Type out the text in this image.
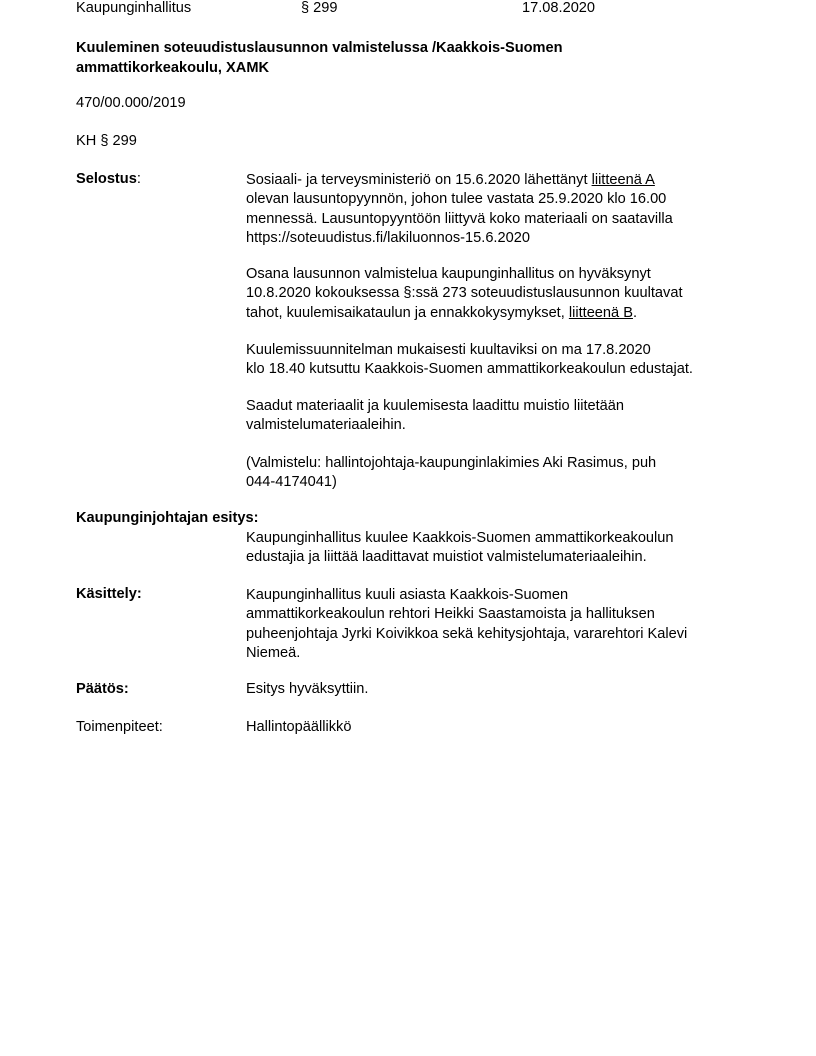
Kaupunginhallitus	§ 299	17.08.2020
Kuuleminen soteuudistuslausunnon valmistelussa /Kaakkois-Suomen
ammattikorkeakoulu, XAMK
470/00.000/2019
KH § 299
Selostus:	Sosiaali- ja terveysministeriö on 15.6.2020 lähettänyt liitteenä A
olevan lausuntopyynnön, johon tulee vastata 25.9.2020 klo 16.00
mennessä. Lausuntopyyntöön liittyvä koko materiaali on saatavilla
https://soteuudistus.fi/lakiluonnos-15.6.2020
Osana lausunnon valmistelua kaupunginhallitus on hyväksynyt
10.8.2020 kokouksessa §:ssä 273 soteuudistuslausunnon kuultavat
tahot, kuulemisaikataulun ja ennakkokysymykset, liitteenä B.
Kuulemissuunnitelman mukaisesti kuultaviksi on ma 17.8.2020
klo 18.40 kutsuttu Kaakkois-Suomen ammattikorkeakoulun edustajat.
Saadut materiaalit ja kuulemisesta laadittu muistio liitetään
valmistelumateriaaleihin.
(Valmistelu: hallintojohtaja-kaupunginlakimies Aki Rasimus, puh
044-4174041)
Kaupunginjohtajan esitys:
Kaupunginhallitus kuulee Kaakkois-Suomen ammattikorkeakoulun
edustajia ja liittää laadittavat muistiot valmistelumateriaaleihin.
Käsittely:	Kaupunginhallitus kuuli asiasta Kaakkois-Suomen
ammattikorkeakoulun rehtori Heikki Saastamoista ja hallituksen
puheenjohtaja Jyrki Koivikkoa sekä kehitysjohtaja, vararehtori Kalevi
Niemeä.
Päätös:	Esitys hyväksyttiin.
Toimenpiteet:	Hallintopäällikkö
